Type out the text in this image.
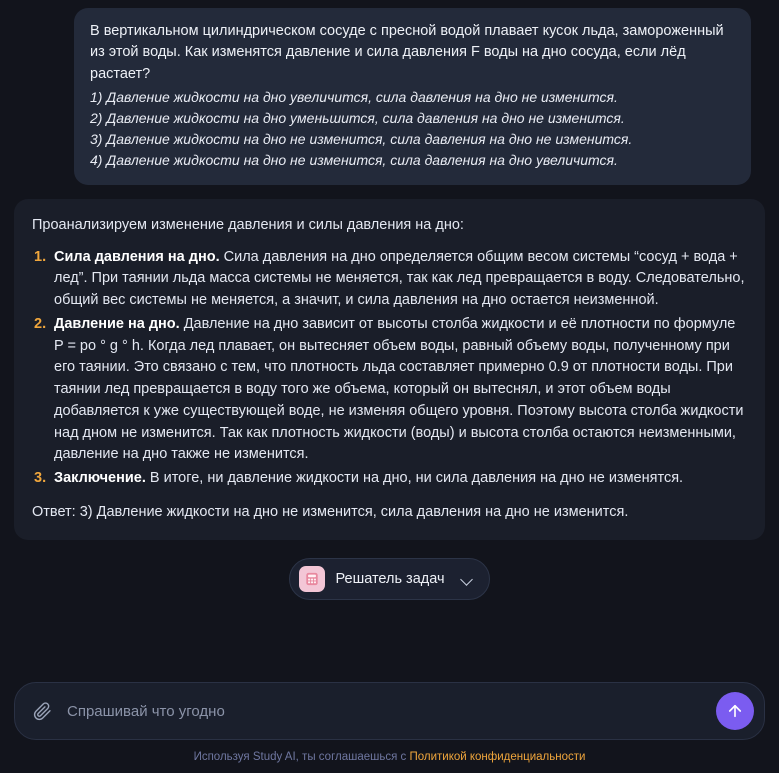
В вертикальном цилиндрическом сосуде с пресной водой плавает кусок льда, замороженный из этой воды. Как изменятся давление и сила давления F воды на дно сосуда, если лёд растает?
1) Давление жидкости на дно увеличится, сила давления на дно не изменится.
2) Давление жидкости на дно уменьшится, сила давления на дно не изменится.
3) Давление жидкости на дно не изменится, сила давления на дно не изменится.
4) Давление жидкости на дно не изменится, сила давления на дно увеличится.
Проанализируем изменение давления и силы давления на дно:
Сила давления на дно. Сила давления на дно определяется общим весом системы “сосуд + вода + лед”. При таянии льда масса системы не меняется, так как лед превращается в воду. Следовательно, общий вес системы не меняется, а значит, и сила давления на дно остается неизменной.
Давление на дно. Давление на дно зависит от высоты столба жидкости и её плотности по формуле P = po ° g ° h. Когда лед плавает, он вытесняет объем воды, равный объему воды, полученному при его таянии. Это связано с тем, что плотность льда составляет примерно 0.9 от плотности воды. При таянии лед превращается в воду того же объема, который он вытеснял, и этот объем воды добавляется к уже существующей воде, не изменяя общего уровня. Поэтому высота столба жидкости над дном не изменится. Так как плотность жидкости (воды) и высота столба остаются неизменными, давление на дно также не изменится.
Заключение. В итоге, ни давление жидкости на дно, ни сила давления на дно не изменятся.
Ответ: 3) Давление жидкости на дно не изменится, сила давления на дно не изменится.
Решатель задач
Спрашивай что угодно
Используя Study AI, ты соглашаешься с Политикой конфиденциальности
